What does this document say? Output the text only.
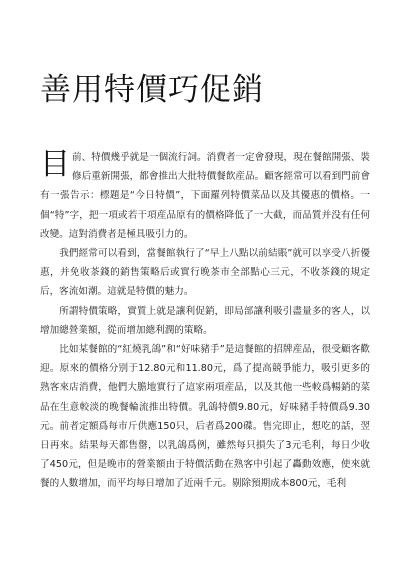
善用特價巧促銷

目 前、特價幾乎就是一個流行詞。消費者一定會發現，現在餐館開張、裝修后重新開張，都會推出大批特價餐飲産品。顧客經常可以看到門前會有一張告示：標題是“今日特價”，下面羅列特價菜品以及其優惠的價格。一個“特”字，把一項或若干項産品原有的價格降低了一大截，而品質并没有任何改變。這對消費者是極具吸引力的。

我們經常可以看到，當餐館執行了“早上八點以前結賬”就可以享受八折優惠，并免收茶錢的銷售策略后或實行晚茶市全部點心三元，不收茶錢的規定后，客流如潮。這就是特價的魅力。

所謂特價策略，實質上就是讓利促銷，即局部讓利吸引盡量多的客人，以增加總營業額，從而增加總利潤的策略。

比如某餐館的“紅燒乳鴿”和“好味豬手”是這餐館的招牌産品，很受顧客歡迎。原來的價格分别于12.80元和11.80元，爲了提高競爭能力，吸引更多的熟客來店消費，他們大膽地實行了這家兩項産品，以及其他一些較爲暢銷的菜品在生意較淡的晚餐輪流推出特價。乳鴿特價9.80元，好味豬手特價爲9.30元。前者定額爲每市斤供應150只，后者爲200碟。售完即止，想吃的話，翌日再來。結果每天都售罄，以乳鴿爲例，雖然每只損失了3元毛利，每日少收了450元，但是晚市的營業額由于特價活動在熟客中引起了轟動效應，使來就餐的人數增加，而平均每日增加了近兩千元。剔除預期成本800元，毛利
